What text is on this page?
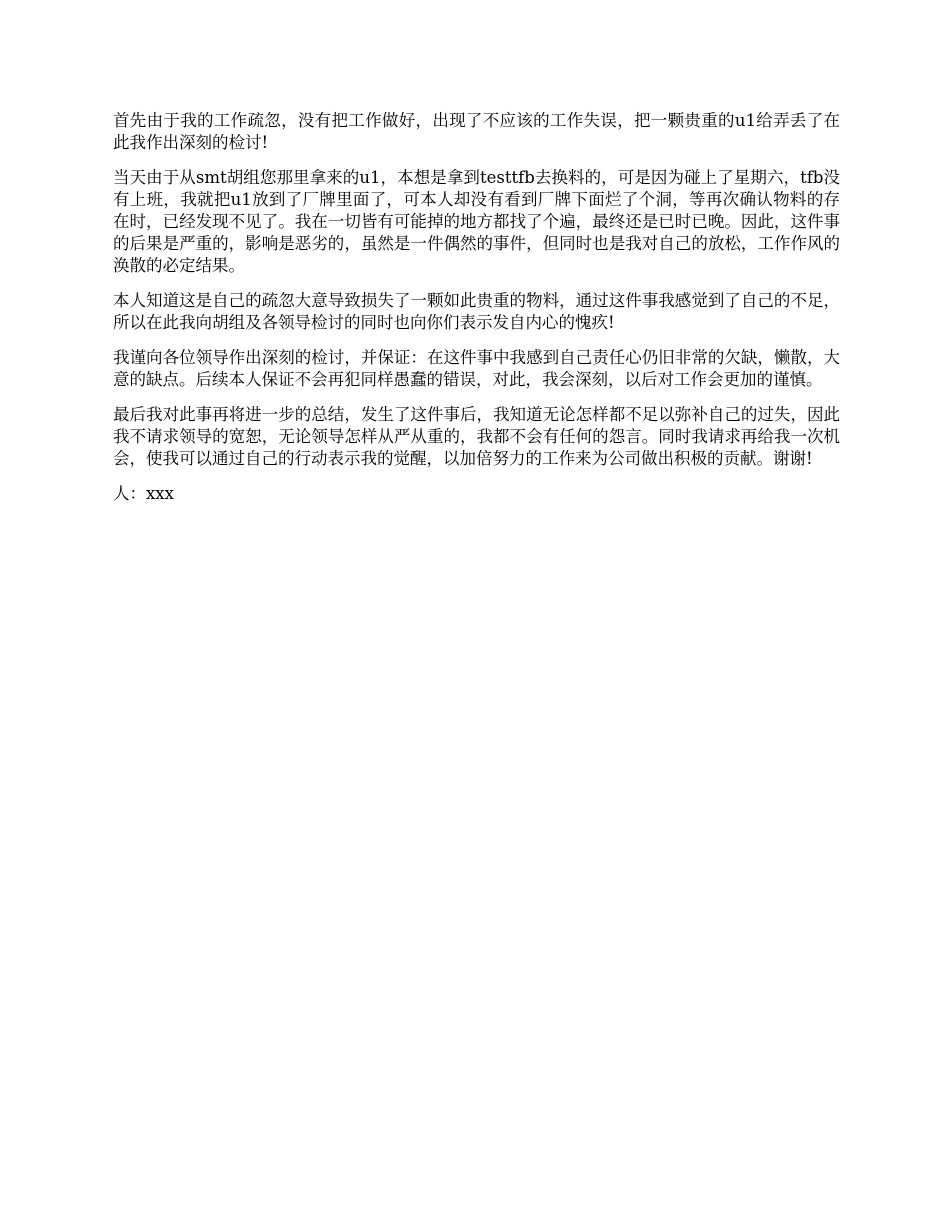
首先由于我的工作疏忽，没有把工作做好，出现了不应该的工作失误，把一颗贵重的u1给弄丢了在此我作出深刻的检讨!

当天由于从smt胡组您那里拿来的u1，本想是拿到testtfb去换料的，可是因为碰上了星期六，tfb没有上班，我就把u1放到了厂牌里面了，可本人却没有看到厂牌下面烂了个洞，等再次确认物料的存在时，已经发现不见了。我在一切皆有可能掉的地方都找了个遍，最终还是已时已晚。因此，这件事的后果是严重的，影响是恶劣的，虽然是一件偶然的事件，但同时也是我对自己的放松，工作作风的涣散的必定结果。

本人知道这是自己的疏忽大意导致损失了一颗如此贵重的物料，通过这件事我感觉到了自己的不足，所以在此我向胡组及各领导检讨的同时也向你们表示发自内心的愧疚!

我谨向各位领导作出深刻的检讨，并保证：在这件事中我感到自己责任心仍旧非常的欠缺，懒散，大意的缺点。后续本人保证不会再犯同样愚蠢的错误，对此，我会深刻，以后对工作会更加的谨慎。

最后我对此事再将进一步的总结，发生了这件事后，我知道无论怎样都不足以弥补自己的过失，因此我不请求领导的宽恕，无论领导怎样从严从重的，我都不会有任何的怨言。同时我请求再给我一次机会，使我可以通过自己的行动表示我的觉醒，以加倍努力的工作来为公司做出积极的贡献。谢谢!

人：xxx
